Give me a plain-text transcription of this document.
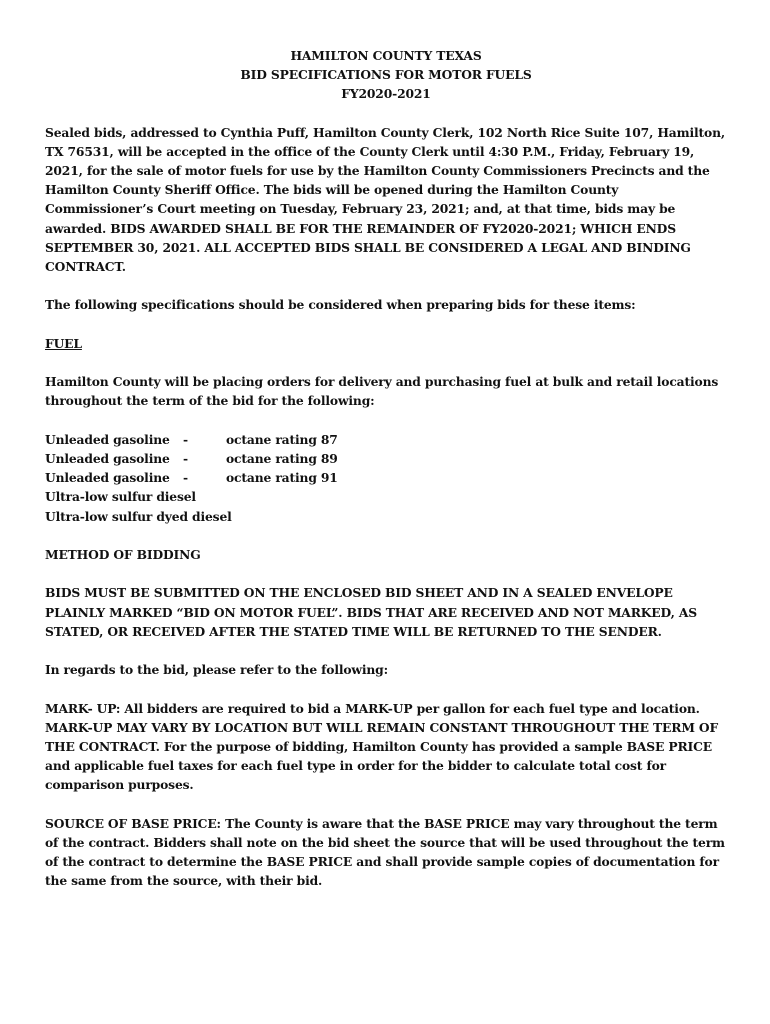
HAMILTON COUNTY TEXAS
BID SPECIFICATIONS FOR MOTOR FUELS
FY2020-2021

Sealed bids, addressed to Cynthia Puff, Hamilton County Clerk, 102 North Rice Suite 107, Hamilton, TX 76531, will be accepted in the office of the County Clerk until 4:30 P.M., Friday, February 19, 2021, for the sale of motor fuels for use by the Hamilton County Commissioners Precincts and the Hamilton County Sheriff Office. The bids will be opened during the Hamilton County Commissioner’s Court meeting on Tuesday, February 23, 2021; and, at that time, bids may be awarded. BIDS AWARDED SHALL BE FOR THE REMAINDER OF FY2020-2021; WHICH ENDS SEPTEMBER 30, 2021. ALL ACCEPTED BIDS SHALL BE CONSIDERED A LEGAL AND BINDING CONTRACT.

The following specifications should be considered when preparing bids for these items:

FUEL

Hamilton County will be placing orders for delivery and purchasing fuel at bulk and retail locations throughout the term of the bid for the following:

Unleaded gasoline	-	octane rating 87
Unleaded gasoline	-	octane rating 89
Unleaded gasoline	-	octane rating 91
Ultra-low sulfur diesel
Ultra-low sulfur dyed diesel

METHOD OF BIDDING

BIDS MUST BE SUBMITTED ON THE ENCLOSED BID SHEET AND IN A SEALED ENVELOPE PLAINLY MARKED “BID ON MOTOR FUEL”. BIDS THAT ARE RECEIVED AND NOT MARKED, AS STATED, OR RECEIVED AFTER THE STATED TIME WILL BE RETURNED TO THE SENDER.

In regards to the bid, please refer to the following:

MARK- UP: All bidders are required to bid a MARK-UP per gallon for each fuel type and location. MARK-UP MAY VARY BY LOCATION BUT WILL REMAIN CONSTANT THROUGHOUT THE TERM OF THE CONTRACT. For the purpose of bidding, Hamilton County has provided a sample BASE PRICE and applicable fuel taxes for each fuel type in order for the bidder to calculate total cost for comparison purposes.

SOURCE OF BASE PRICE: The County is aware that the BASE PRICE may vary throughout the term of the contract. Bidders shall note on the bid sheet the source that will be used throughout the term of the contract to determine the BASE PRICE and shall provide sample copies of documentation for the same from the source, with their bid.
